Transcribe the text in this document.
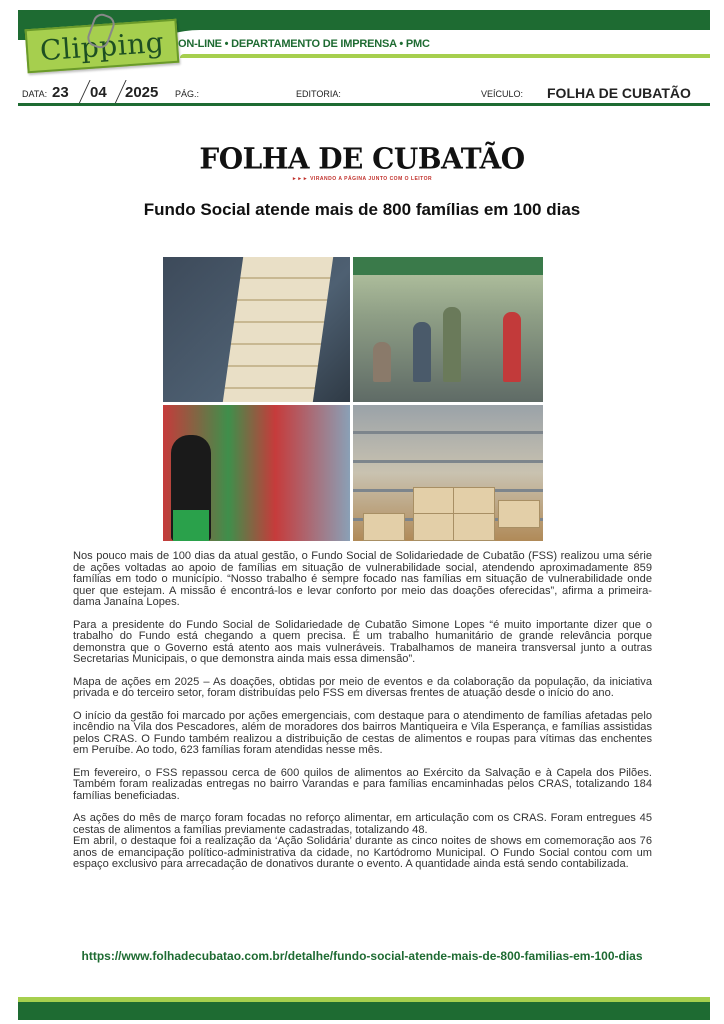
Clipping ON-LINE • DEPARTAMENTO DE IMPRENSA • PMC
DATA: 23 04 2025 PÁG.:	EDITORIA:	VEÍCULO: FOLHA DE CUBATÃO
FOLHA DE CUBATÃO
►►► VIRANDO A PÁGINA JUNTO COM O LEITOR
Fundo Social atende mais de 800 famílias em 100 dias

Nos pouco mais de 100 dias da atual gestão, o Fundo Social de Solidariedade de Cubatão (FSS) realizou uma série de ações voltadas ao apoio de famílias em situação de vulnerabilidade social, atendendo aproximadamente 859 famílias em todo o município. “Nosso trabalho é sempre focado nas famílias em situação de vulnerabilidade onde quer que estejam. A missão é encontrá-los e levar conforto por meio das doações oferecidas”, afirma a primeira-dama Janaína Lopes.

Para a presidente do Fundo Social de Solidariedade de Cubatão Simone Lopes “é muito importante dizer que o trabalho do Fundo está chegando a quem precisa. É um trabalho humanitário de grande relevância porque demonstra que o Governo está atento aos mais vulneráveis. Trabalhamos de maneira transversal junto a outras Secretarias Municipais, o que demonstra ainda mais essa dimensão”.

Mapa de ações em 2025 – As doações, obtidas por meio de eventos e da colaboração da população, da iniciativa privada e do terceiro setor, foram distribuídas pelo FSS em diversas frentes de atuação desde o início do ano.

O início da gestão foi marcado por ações emergenciais, com destaque para o atendimento de famílias afetadas pelo incêndio na Vila dos Pescadores, além de moradores dos bairros Mantiqueira e Vila Esperança, e famílias assistidas pelos CRAS. O Fundo também realizou a distribuição de cestas de alimentos e roupas para vítimas das enchentes em Peruíbe. Ao todo, 623 famílias foram atendidas nesse mês.

Em fevereiro, o FSS repassou cerca de 600 quilos de alimentos ao Exército da Salvação e à Capela dos Pilões. Também foram realizadas entregas no bairro Varandas e para famílias encaminhadas pelos CRAS, totalizando 184 famílias beneficiadas.

As ações do mês de março foram focadas no reforço alimentar, em articulação com os CRAS. Foram entregues 45 cestas de alimentos a famílias previamente cadastradas, totalizando 48.

Em abril, o destaque foi a realização da ‘Ação Solidária’ durante as cinco noites de shows em comemoração aos 76 anos de emancipação político-administrativa da cidade, no Kartódromo Municipal. O Fundo Social contou com um espaço exclusivo para arrecadação de donativos durante o evento. A quantidade ainda está sendo contabilizada.

https://www.folhadecubatao.com.br/detalhe/fundo-social-atende-mais-de-800-familias-em-100-dias
